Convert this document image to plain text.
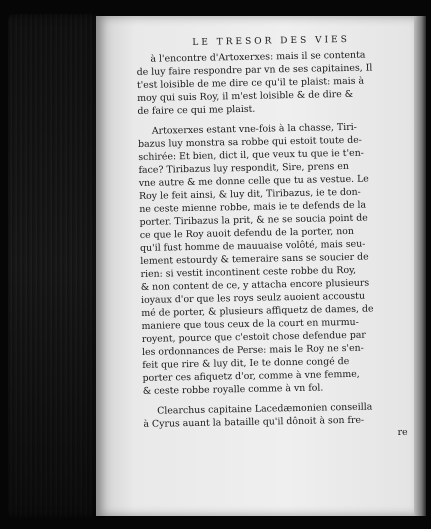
LE TRESOR DES VIES
à l'encontre d'Artoxerxes: mais il se contenta
de luy faire respondre par vn de ses capitaines, Il
t'est loisible de me dire ce qu'il te plaist: mais à
moy qui suis Roy, il m'est loisible & de dire &
de faire ce qui me plaist.
Artoxerxes estant vne-fois à la chasse, Tiri-
bazus luy monstra sa robbe qui estoit toute de-
schirée: Et bien, dict il, que veux tu que ie t'en-
face? Tiribazus luy respondit, Sire, prens en
vne autre & me donne celle que tu as vestue. Le
Roy le feit ainsi, & luy dit, Tiribazus, ie te don-
ne ceste mienne robbe, mais ie te defends de la
porter. Tiribazus la prit, & ne se soucia point de
ce que le Roy auoit defendu de la porter, non
qu'il fust homme de mauuaise volôté, mais seu-
lement estourdy & temeraire sans se soucier de
rien: si vestit incontinent ceste robbe du Roy,
& non content de ce, y attacha encore plusieurs
ioyaux d'or que les roys seulz auoient accoustu
mé de porter, & plusieurs affiquetz de dames, de
maniere que tous ceux de la court en murmu-
royent, pource que c'estoit chose defendue par
les ordonnances de Perse: mais le Roy ne s'en-
feit que rire & luy dit, Ie te donne congé de
porter ces afiquetz d'or, comme à vne femme,
& ceste robbe royalle comme à vn fol.
Clearchus capitaine Lacedæmonien conseilla
à Cyrus auant la bataille qu'il dônoit à son fre-
re
